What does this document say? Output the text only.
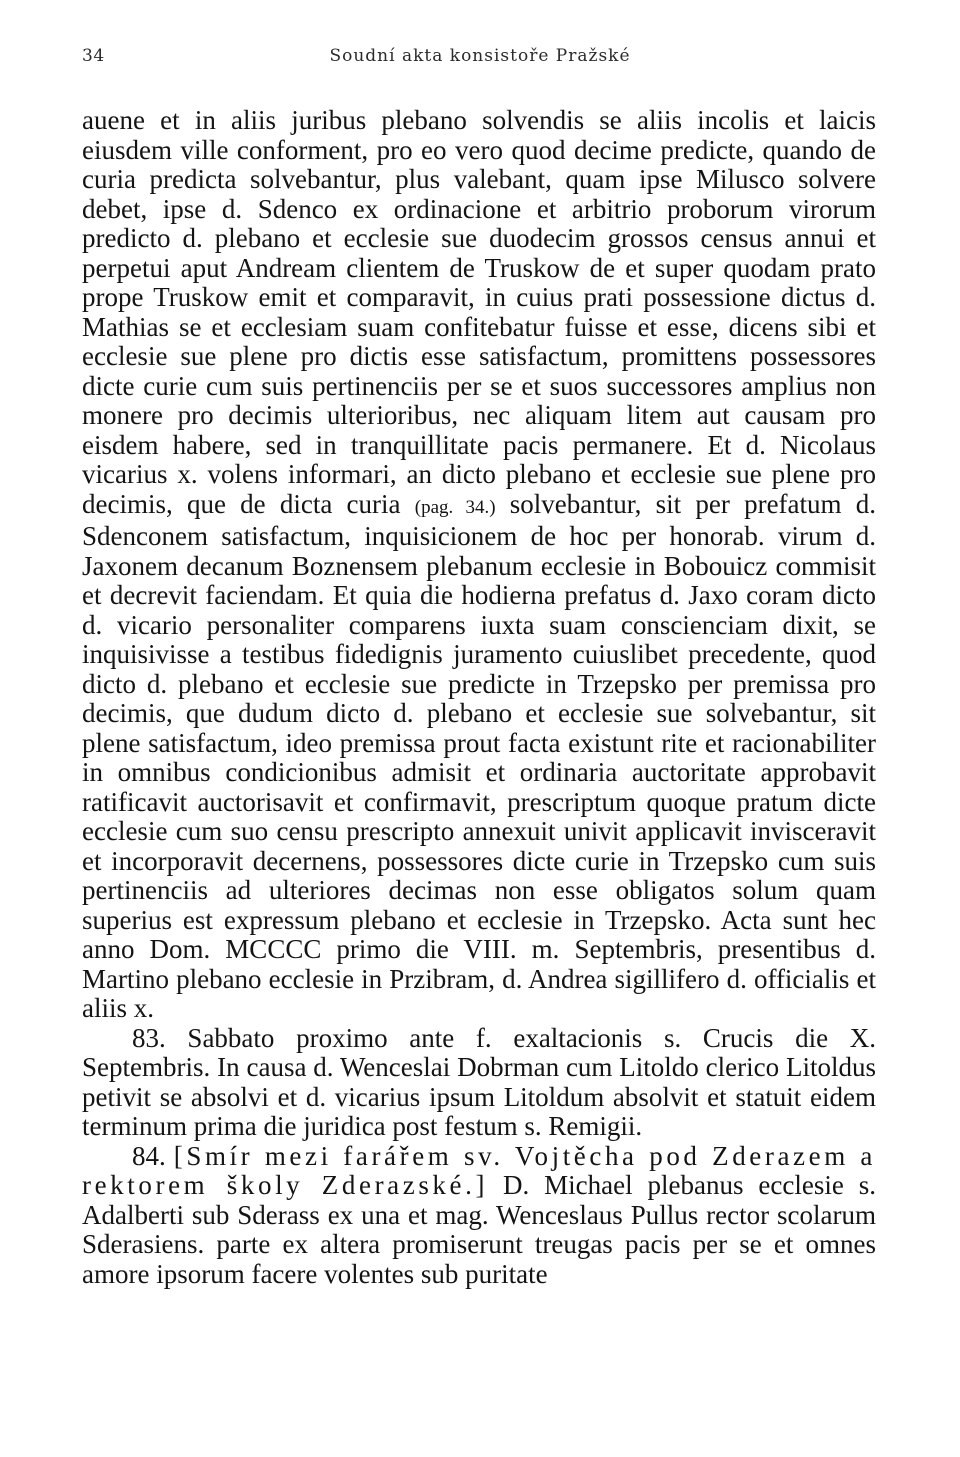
34	Soudní akta konsistoře Pražské

auene et in aliis juribus plebano solvendis se aliis incolis et laicis eiusdem ville conforment, pro eo vero quod decime predicte, quando de curia predicta solvebantur, plus valebant, quam ipse Milusco solvere debet, ipse d. Sdenco ex ordinacione et arbitrio proborum virorum predicto d. plebano et ecclesie sue duodecim grossos census annui et perpetui aput Andream clientem de Truskow de et super quodam prato prope Truskow emit et comparavit, in cuius prati possessione dictus d. Mathias se et ecclesiam suam confitebatur fuisse et esse, dicens sibi et ecclesie sue plene pro dictis esse satisfactum, promittens possessores dicte curie cum suis pertinenciis per se et suos successores amplius non monere pro decimis ulterioribus, nec aliquam litem aut causam pro eisdem habere, sed in tranquillitate pacis permanere. Et d. Nicolaus vicarius x. volens informari, an dicto plebano et ecclesie sue plene pro decimis, que de dicta curia (pag. 34.) solvebantur, sit per prefatum d. Sdenconem satisfactum, inquisicionem de hoc per honorab. virum d. Jaxonem decanum Boznensem plebanum ecclesie in Bobouicz commisit et decrevit faciendam. Et quia die hodierna prefatus d. Jaxo coram dicto d. vicario personaliter comparens iuxta suam conscienciam dixit, se inquisivisse a testibus fidedignis juramento cuiuslibet precedente, quod dicto d. plebano et ecclesie sue predicte in Trzepsko per premissa pro decimis, que dudum dicto d. plebano et ecclesie sue solvebantur, sit plene satisfactum, ideo premissa prout facta existunt rite et racionabiliter in omnibus condicionibus admisit et ordinaria auctoritate approbavit ratificavit auctorisavit et confirmavit, prescriptum quoque pratum dicte ecclesie cum suo censu prescripto annexuit univit applicavit invisceravit et incorporavit decernens, possessores dicte curie in Trzepsko cum suis pertinenciis ad ulteriores decimas non esse obligatos solum quam superius est expressum plebano et ecclesie in Trzepsko. Acta sunt hec anno Dom. MCCCC primo die VIII. m. Septembris, presentibus d. Martino plebano ecclesie in Przibram, d. Andrea sigillifero d. officialis et aliis x.

83. Sabbato proximo ante f. exaltacionis s. Crucis die X. Septembris. In causa d. Wenceslai Dobrman cum Litoldo clerico Litoldus petivit se absolvi et d. vicarius ipsum Litoldum absolvit et statuit eidem terminum prima die juridica post festum s. Remigii.

84. [Smír mezi farářem sv. Vojtěcha pod Zderazem a rektorem školy Zderazské.] D. Michael plebanus ecclesie s. Adalberti sub Sderass ex una et mag. Wenceslaus Pullus rector scolarum Sderasiens. parte ex altera promiserunt treugas pacis per se et omnes amore ipsorum facere volentes sub puritate
